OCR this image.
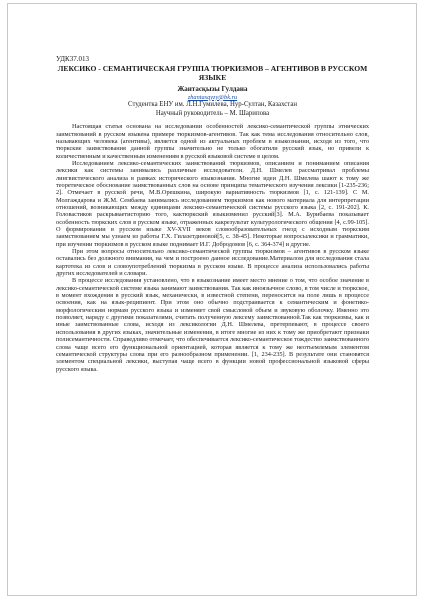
УДК37.013

ЛЕКСИКО - СЕМАНТИЧЕСКАЯ ГРУППА ТЮРКИЗМОВ – АГЕНТИВОВ В РУССКОМ ЯЗЫКЕ

Жантасқызы Гулдана

zhantasqyzy@bk.ru

Студентка ЕНУ им. Л.Н.Гумилева, Нур-Султан, Казахстан

Научный руководитель – М. Шарипова

Настоящая статья основана на исследовании особенностей лексико-семантической группы этнических заимствований в русском языкена примере тюркизмов-агентивов. Так как тема исследования относительно слов, называющих человека (агентивы), является одной из актуальных проблем в языкознании, исходя из того, что тюркские заимствования данной группы значительно не только обогатили русский язык, но привели к количественным и качественным изменениям в русской языковой системе в целом.

Исследованием лексико-семантических заимствований тюркизмов, описанием и пониманием описания лексики как системы занимались различные исследователи. Д.Н. Шмелев рассматривал проблемы лингвистического анализа в рамках исторического языкознания. Многие идеи Д.Н. Шмелева шают к тому же теоретическое обоснование заимствованных слов на основе принципа тематического изучения лексики [1-235-236; 2]. Отмечает в русской речи, М.В.Орешкина, широкую вариативность тюркизмов [1, с. 121-139]. С М. Молгаждарова и Ж.М. Сембаева занимались исследованием тюркизмов как нового материала для интерпретации отношений, возникающих между единицами лексико-семантической системы русского языка [2, с. 191-202]. К. Головастиков раскрываетисторию того, кактюркский языкизменил русский[3]. М.А. Бурибаева показывает особенность тюркских слов в русском языке, отраженных какрезультат культурологического общения [4, с.99-105]. О формировании в русском языке XV-XVII веков словообразовательных гнезд с исходным тюркским заимствованием мы узнаем из работы Г.Х. Гилазетдиновой[5, с. 38-45]. Некоторые вопросылексики и грамматики, при изучении тюркизмов в русском языке поднимает И.Г. Добродомов [6, с. 364-374] и другие.

При этом вопросы относительно лексико-семантической группы тюркизмов – агентивов в русском языке оставались без должного внимания, на чем и построено данное исследование.Материалом для исследования стала картотека из слов и словоупотреблений тюркизма в русском языке. В процессе анализа использовались работы других исследователей и словари.

В процессе исследования установлено, что в языкознание имеет место мнение о том, что особое значение в лексико-семантической системе языка занимают заимствования. Так как иноязычное слово, в том числе и тюркское, в момент вхождения в русский язык, механически, в известной степени, переносится на поле лишь в процессе освоения, как на язык-реципиент. При этом оно обычно подстраивается к семантическим и фонетико-морфологическим нормам русского языка и изменяет свой смысловой объем и звуковую оболочку. Именно это позволяет, наряду с другими показателями, считать полученную лексему заимствованной.Так как тюркизмы, как и иные заимствованные слова, исходя из лексикологии Д.Н. Шмелева, претерпевают, в процессе своего использования в других языках, значительные изменения, в итоге многие из них к тому же приобретают признаки полисемантичности. Справедливо отмечает, что обеспечивается лексико-семантическое тождество заимствованного слова чаще всего его функциональной ориентацией, которая является к тому же неотъемлемым элементом семантической структуры слова при его разнообразном применении. [1, 234-235]. В результате они становятся элементом специальной лексики, выступая чаще всего в функции новой профессиональной языковой сферы русского языка.
